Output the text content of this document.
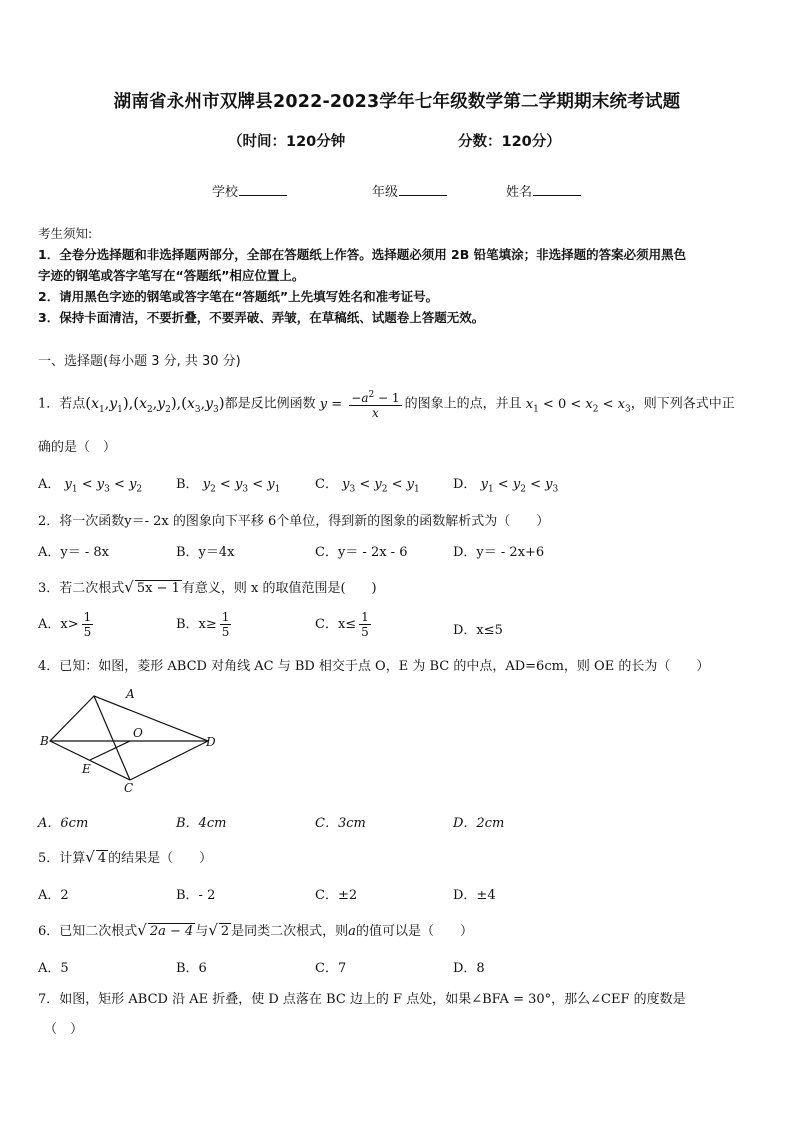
湖南省永州市双牌县2022-2023学年七年级数学第二学期期末统考试题
（时间：120分钟	分数：120分）
学校	年级	姓名
考生须知:
1．全卷分选择题和非选择题两部分，全部在答题纸上作答。选择题必须用 2B 铅笔填涂；非选择题的答案必须用黑色
字迹的钢笔或答字笔写在“答题纸”相应位置上。
2．请用黑色字迹的钢笔或答字笔在“答题纸”上先填写姓名和准考证号。
3．保持卡面清洁，不要折叠，不要弄破、弄皱，在草稿纸、试题卷上答题无效。
一、选择题(每小题 3 分, 共 30 分)
1．若点$(x_1,y_1),(x_2,y_2),(x_3,y_3)$都是反比例函数 $y = \frac{-a^2 - 1}{x}$ 的图象上的点，并且 $x_1 < 0 < x_2 < x_3$，则下列各式中正
确的是（　）
A． $y_1 < y_3 < y_2$	B． $y_2 < y_3 < y_1$	C． $y_3 < y_2 < y_1$	D． $y_1 < y_2 < y_3$
2．将一次函数y＝- 2x 的图象向下平移 6个单位，得到新的图象的函数解析式为（　　）
A．y＝ - 8x	B．y＝4x	C．y＝ - 2x - 6	D．y＝ - 2x+6
3．若二次根式√ 5x − 1 有意义，则 x 的取值范围是(　　)
A．$x> \frac{1}{5}$	B．$x\ge \frac{1}{5}$	C．$x\le \frac{1}{5}$	D．x≤5
4．已知：如图，菱形 ABCD 对角线 AC 与 BD 相交于点 O，E 为 BC 的中点，AD=6cm，则 OE 的长为（　　）
A
B
C
D
O
E
A．6cm	B．4cm	C．3cm	D．2cm
5．计算√ 4 的结果是（　　）
A．2	B．- 2	C．±2	D．±4
6．已知二次根式√ 2a − 4 与√ 2 是同类二次根式，则a的值可以是（　　）
A．5	B．6	C．7	D．8
7．如图，矩形 ABCD 沿 AE 折叠，使 D 点落在 BC 边上的 F 点处，如果∠BFA = 30°，那么∠CEF 的度数是
（　）
